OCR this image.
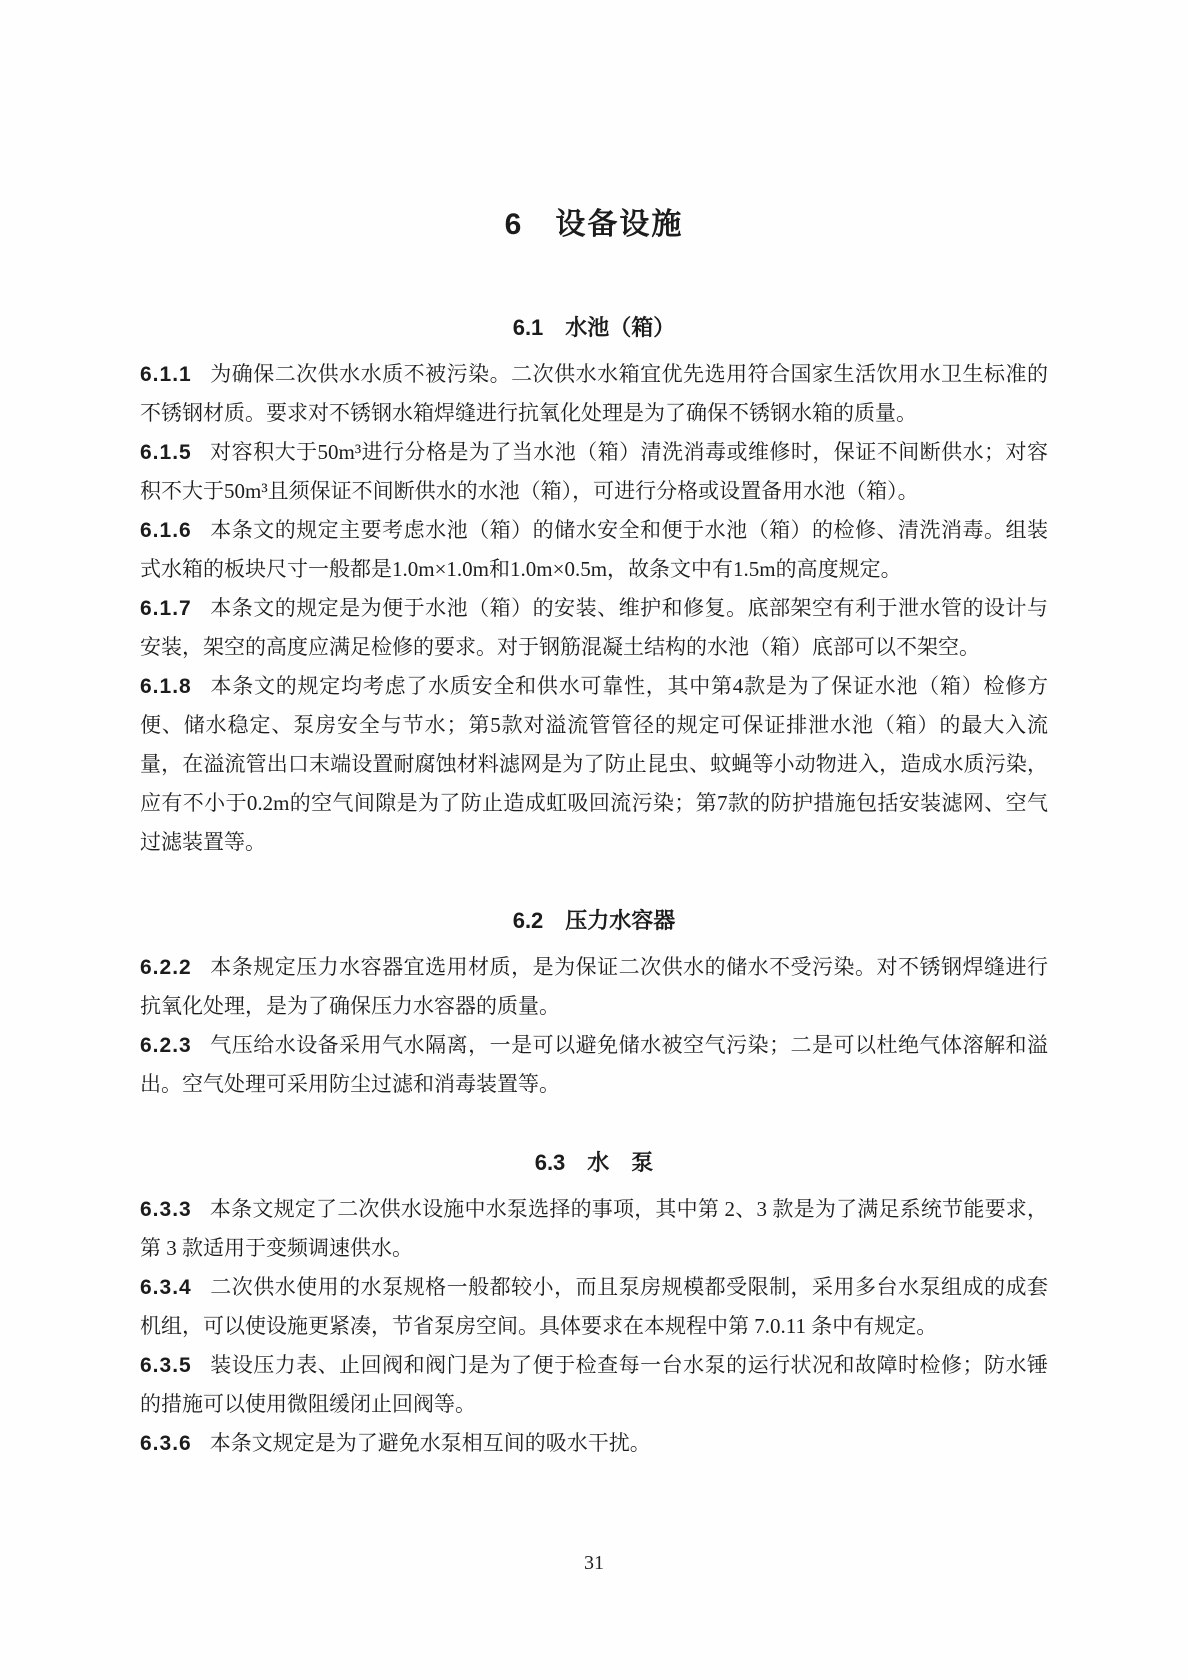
6　设备设施
6.1　水池（箱）

6.1.1 为确保二次供水水质不被污染。二次供水水箱宜优先选用符合国家生活饮用水卫生标准的不锈钢材质。要求对不锈钢水箱焊缝进行抗氧化处理是为了确保不锈钢水箱的质量。

6.1.5 对容积大于50m³进行分格是为了当水池（箱）清洗消毒或维修时，保证不间断供水；对容积不大于50m³且须保证不间断供水的水池（箱），可进行分格或设置备用水池（箱）。

6.1.6 本条文的规定主要考虑水池（箱）的储水安全和便于水池（箱）的检修、清洗消毒。组装式水箱的板块尺寸一般都是1.0m×1.0m和1.0m×0.5m，故条文中有1.5m的高度规定。

6.1.7 本条文的规定是为便于水池（箱）的安装、维护和修复。底部架空有利于泄水管的设计与安装，架空的高度应满足检修的要求。对于钢筋混凝土结构的水池（箱）底部可以不架空。

6.1.8 本条文的规定均考虑了水质安全和供水可靠性，其中第4款是为了保证水池（箱）检修方便、储水稳定、泵房安全与节水；第5款对溢流管管径的规定可保证排泄水池（箱）的最大入流量，在溢流管出口末端设置耐腐蚀材料滤网是为了防止昆虫、蚊蝇等小动物进入，造成水质污染，应有不小于0.2m的空气间隙是为了防止造成虹吸回流污染；第7款的防护措施包括安装滤网、空气过滤装置等。

6.2　压力水容器

6.2.2 本条规定压力水容器宜选用材质，是为保证二次供水的储水不受污染。对不锈钢焊缝进行抗氧化处理，是为了确保压力水容器的质量。

6.2.3 气压给水设备采用气水隔离，一是可以避免储水被空气污染；二是可以杜绝气体溶解和溢出。空气处理可采用防尘过滤和消毒装置等。

6.3　水　泵

6.3.3 本条文规定了二次供水设施中水泵选择的事项，其中第 2、3 款是为了满足系统节能要求，第 3 款适用于变频调速供水。

6.3.4 二次供水使用的水泵规格一般都较小，而且泵房规模都受限制，采用多台水泵组成的成套机组，可以使设施更紧凑，节省泵房空间。具体要求在本规程中第 7.0.11 条中有规定。

6.3.5 装设压力表、止回阀和阀门是为了便于检查每一台水泵的运行状况和故障时检修；防水锤的措施可以使用微阻缓闭止回阀等。

6.3.6 本条文规定是为了避免水泵相互间的吸水干扰。

31
